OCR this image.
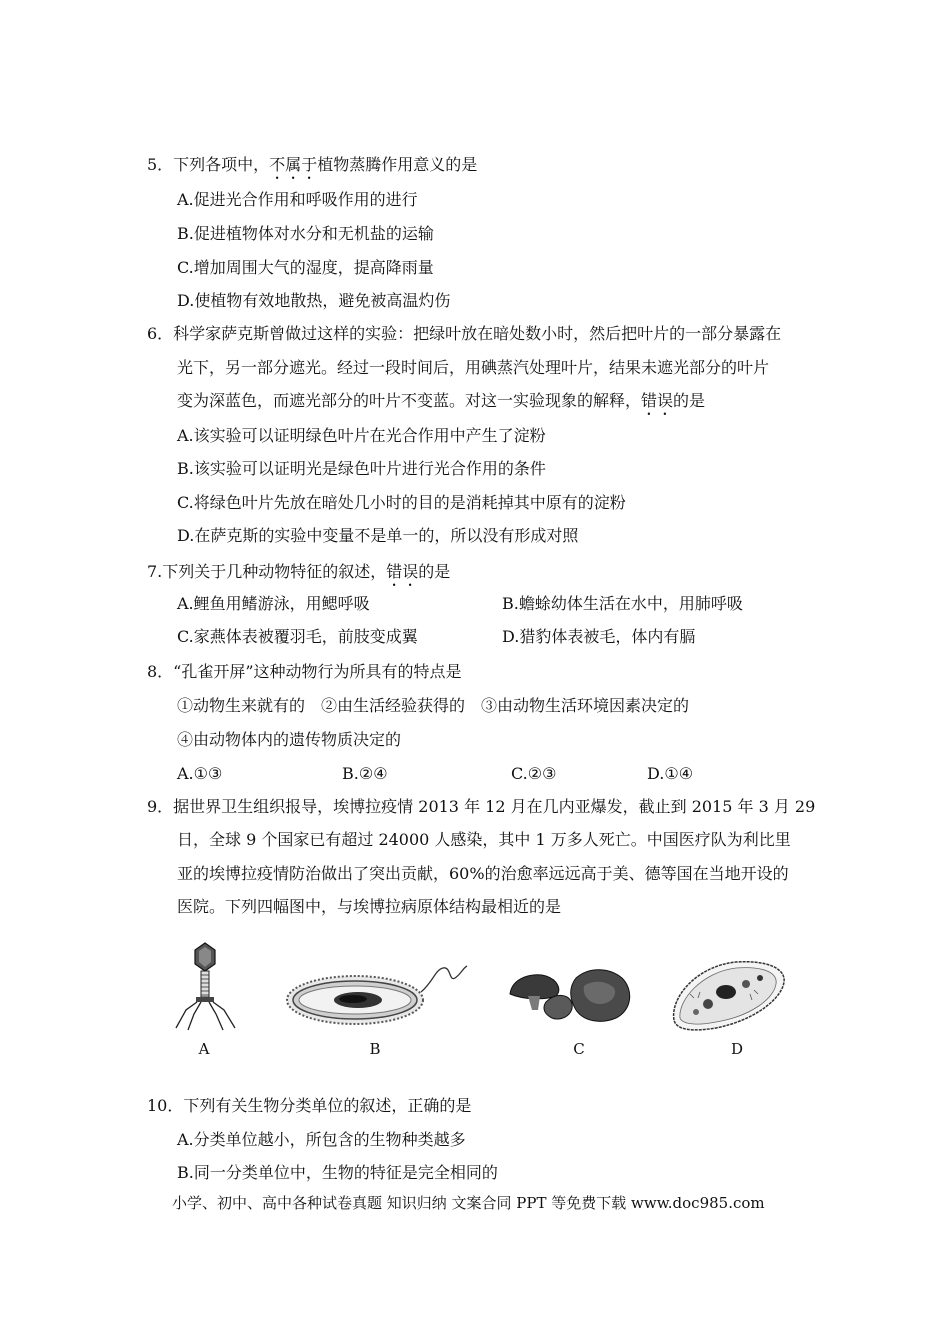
5．下列各项中，不属于植物蒸腾作用意义的是
A.促进光合作用和呼吸作用的进行
B.促进植物体对水分和无机盐的运输
C.增加周围大气的湿度，提高降雨量
D.使植物有效地散热，避免被高温灼伤
6．科学家萨克斯曾做过这样的实验：把绿叶放在暗处数小时，然后把叶片的一部分暴露在
光下，另一部分遮光。经过一段时间后，用碘蒸汽处理叶片，结果未遮光部分的叶片
变为深蓝色，而遮光部分的叶片不变蓝。对这一实验现象的解释，错误的是
A.该实验可以证明绿色叶片在光合作用中产生了淀粉
B.该实验可以证明光是绿色叶片进行光合作用的条件
C.将绿色叶片先放在暗处几小时的目的是消耗掉其中原有的淀粉
D.在萨克斯的实验中变量不是单一的，所以没有形成对照
7.下列关于几种动物特征的叙述，错误的是
A.鲤鱼用鳍游泳，用鳃呼吸	B.蟾蜍幼体生活在水中，用肺呼吸
C.家燕体表被覆羽毛，前肢变成翼	D.猎豹体表被毛，体内有膈
8．“孔雀开屏”这种动物行为所具有的特点是
①动物生来就有的　②由生活经验获得的　③由动物生活环境因素决定的
④由动物体内的遗传物质决定的
A.①③	B.②④	C.②③	D.①④
9．据世界卫生组织报导，埃博拉疫情 2013 年 12 月在几内亚爆发，截止到 2015 年 3 月 29
日，全球 9 个国家已有超过 24000 人感染，其中 1 万多人死亡。中国医疗队为利比里
亚的埃博拉疫情防治做出了突出贡献，60%的治愈率远远高于美、德等国在当地开设的
医院。下列四幅图中，与埃博拉病原体结构最相近的是
A	B	C	D
10．下列有关生物分类单位的叙述，正确的是
A.分类单位越小，所包含的生物种类越多
B.同一分类单位中，生物的特征是完全相同的
小学、初中、高中各种试卷真题 知识归纳 文案合同 PPT 等免费下载 www.doc985.com
